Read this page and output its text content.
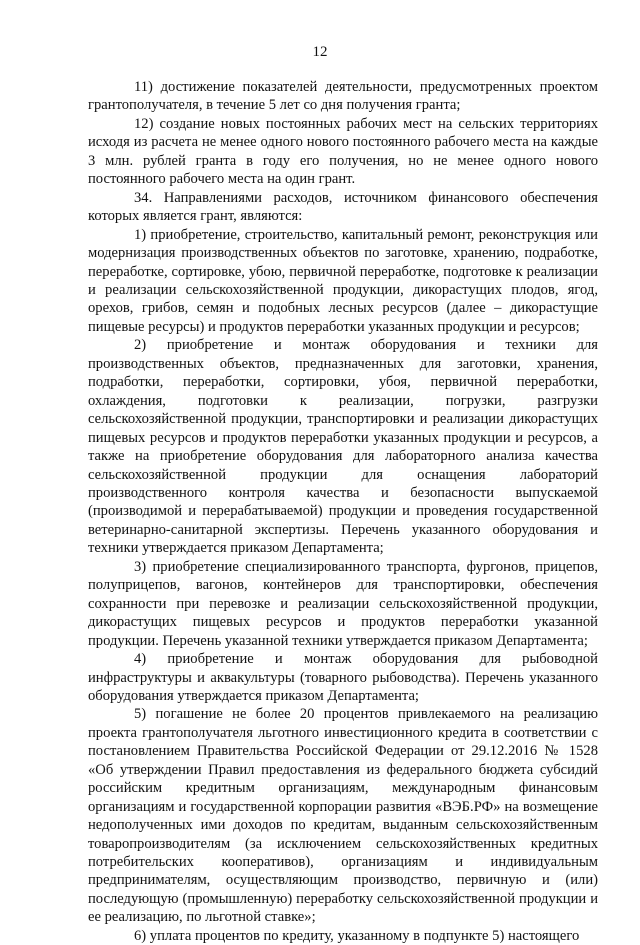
12

11) достижение показателей деятельности, предусмотренных проектом грантополучателя, в течение 5 лет со дня получения гранта;

12) создание новых постоянных рабочих мест на сельских территориях исходя из расчета не менее одного нового постоянного рабочего места на каждые 3 млн. рублей гранта в году его получения, но не менее одного нового постоянного рабочего места на один грант.

34. Направлениями расходов, источником финансового обеспечения которых является грант, являются:

1) приобретение, строительство, капитальный ремонт, реконструкция или модернизация производственных объектов по заготовке, хранению, подработке, переработке, сортировке, убою, первичной переработке, подготовке к реализации и реализации сельскохозяйственной продукции, дикорастущих плодов, ягод, орехов, грибов, семян и подобных лесных ресурсов (далее – дикорастущие пищевые ресурсы) и продуктов переработки указанных продукции и ресурсов;

2) приобретение и монтаж оборудования и техники для производственных объектов, предназначенных для заготовки, хранения, подработки, переработки, сортировки, убоя, первичной переработки, охлаждения, подготовки к реализации, погрузки, разгрузки сельскохозяйственной продукции, транспортировки и реализации дикорастущих пищевых ресурсов и продуктов переработки указанных продукции и ресурсов, а также на приобретение оборудования для лабораторного анализа качества сельскохозяйственной продукции для оснащения лабораторий производственного контроля качества и безопасности выпускаемой (производимой и перерабатываемой) продукции и проведения государственной ветеринарно-санитарной экспертизы. Перечень указанного оборудования и техники утверждается приказом Департамента;

3) приобретение специализированного транспорта, фургонов, прицепов, полуприцепов, вагонов, контейнеров для транспортировки, обеспечения сохранности при перевозке и реализации сельскохозяйственной продукции, дикорастущих пищевых ресурсов и продуктов переработки указанной продукции. Перечень указанной техники утверждается приказом Департамента;

4) приобретение и монтаж оборудования для рыбоводной инфраструктуры и аквакультуры (товарного рыбоводства). Перечень указанного оборудования утверждается приказом Департамента;

5) погашение не более 20 процентов привлекаемого на реализацию проекта грантополучателя льготного инвестиционного кредита в соответствии с постановлением Правительства Российской Федерации от 29.12.2016 № 1528 «Об утверждении Правил предоставления из федерального бюджета субсидий российским кредитным организациям, международным финансовым организациям и государственной корпорации развития «ВЭБ.РФ» на возмещение недополученных ими доходов по кредитам, выданным сельскохозяйственным товаропроизводителям (за исключением сельскохозяйственных кредитных потребительских кооперативов), организациям и индивидуальным предпринимателям, осуществляющим производство, первичную и (или) последующую (промышленную) переработку сельскохозяйственной продукции и ее реализацию, по льготной ставке»;

6) уплата процентов по кредиту, указанному в подпункте 5) настоящего
